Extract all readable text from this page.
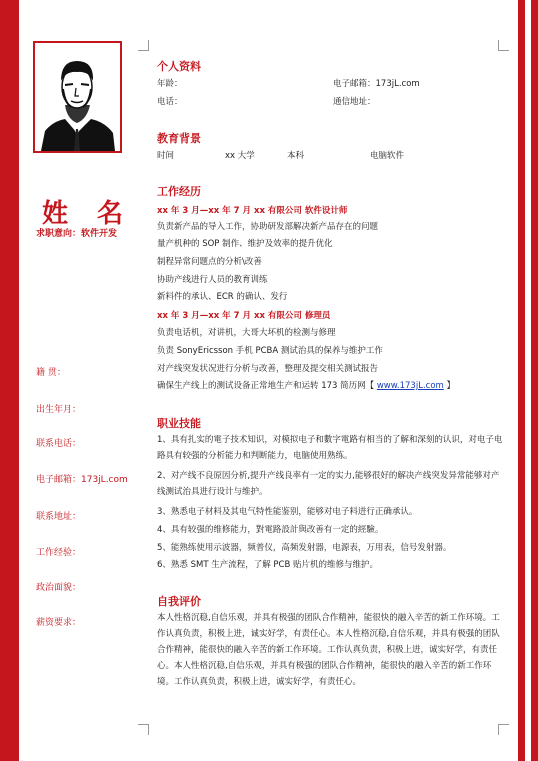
姓 名
求职意向：软件开发
籍 贯：
出生年月：
联系电话：
电子邮箱：173jL.com
联系地址：
工作经验：
政治面貌：
薪资要求：
个人资料
年龄：	电子邮箱：173jL.com
电话：	通信地址：
教育背景
时间	xx 大学	本科	电脑软件
工作经历
xx 年 3 月—xx 年 7 月 xx 有限公司 软件设计师
负责新产品的导入工作，协助研发部解决新产品存在的问题
量产机种的 SOP 制作、维护及效率的提升优化
制程异常问题点的分析\改善
协助产线进行人员的教育训练
新料件的承认、ECR 的确认、发行
xx 年 3 月—xx 年 7 月 xx 有限公司 修理员
负责电话机，对讲机，大哥大坏机的检测与修理
负责 SonyEricsson 手机 PCBA 测试治具的保养与维护工作
对产线突发状况进行分析与改善，整理及提交相关测试报告
确保生产线上的测试设备正常地生产和运转 173 简历网【 www.173jL.com 】
职业技能
1、具有扎实的電子技术知识，对模拟电子和數字電路有相当的了解和深刻的认识，对电子电路具有较强的分析能力和判断能力，电脑使用熟练。
2、对产线不良原因分析,提升产线良率有一定的实力,能够很好的解决产线突发异常能够对产线测试治具进行设计与维护。
3、熟悉电子材料及其电气特性能鉴别，能够对电子料进行正确承认。
4、具有较强的维修能力，對電路設計與改善有一定的經驗。
5、能熟练使用示波器，频普仪，高频发射器，电源表，万用表，信号发射器。
6、熟悉 SMT 生产流程，了解 PCB 贴片机的维修与维护。
自我评价
本人性格沉稳,自信乐观，并具有极强的团队合作精神，能很快的融入辛苦的新工作环境。工作认真负责，积极上进，诚实好学，有责任心。本人性格沉稳,自信乐观，并具有极强的团队合作精神，能很快的融入辛苦的新工作环境。工作认真负责，积极上进，诚实好学，有责任心。本人性格沉稳,自信乐观，并具有极强的团队合作精神，能很快的融入辛苦的新工作环境。工作认真负责，积极上进，诚实好学，有责任心。
